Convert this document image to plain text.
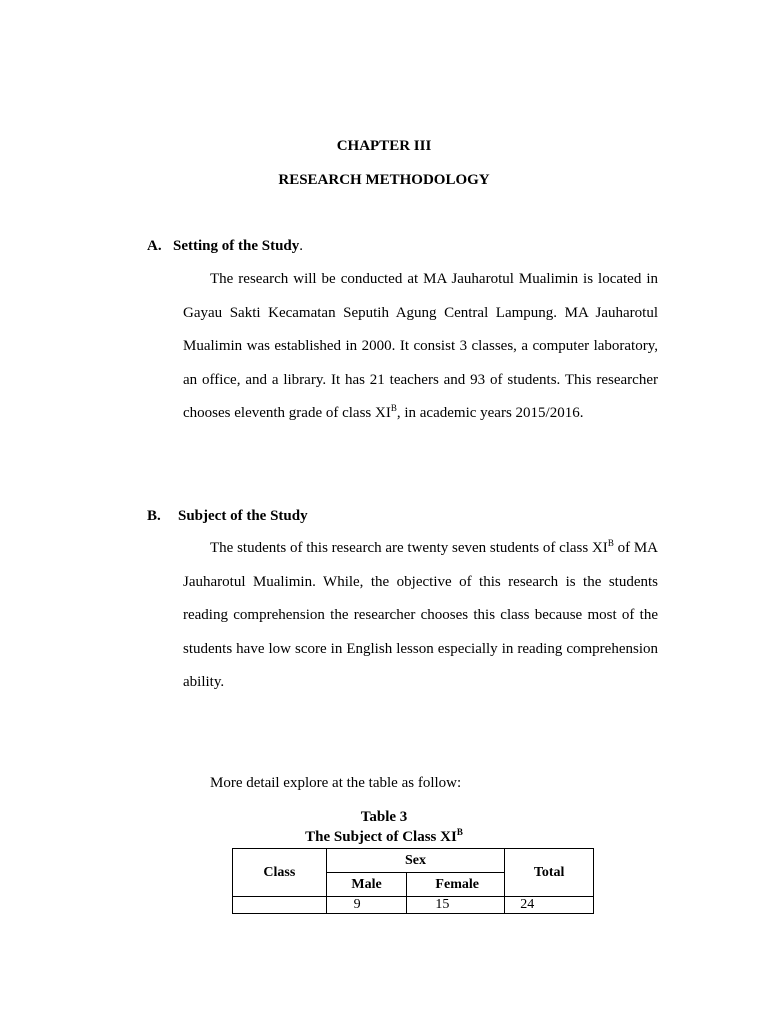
CHAPTER III
RESEARCH METHODOLOGY
A. Setting of the Study.

The research will be conducted at MA Jauharotul Mualimin is located in Gayau Sakti Kecamatan Seputih Agung Central Lampung. MA Jauharotul Mualimin was established in 2000. It consist 3 classes, a computer laboratory, an office, and a library. It has 21 teachers and 93 of students. This researcher chooses eleventh grade of class $XI^B$, in academic years 2015/2016.

B. Subject of the Study

The students of this research are twenty seven students of class $XI^B$ of MA Jauharotul Mualimin. While, the objective of this research is the students reading comprehension the researcher chooses this class because most of the students have low score in English lesson especially in reading comprehension ability.

More detail explore at the table as follow:
Table 3
The Subject of Class $XI^B$
Class	Sex		Total
	Male	Female	
	9	15	24
